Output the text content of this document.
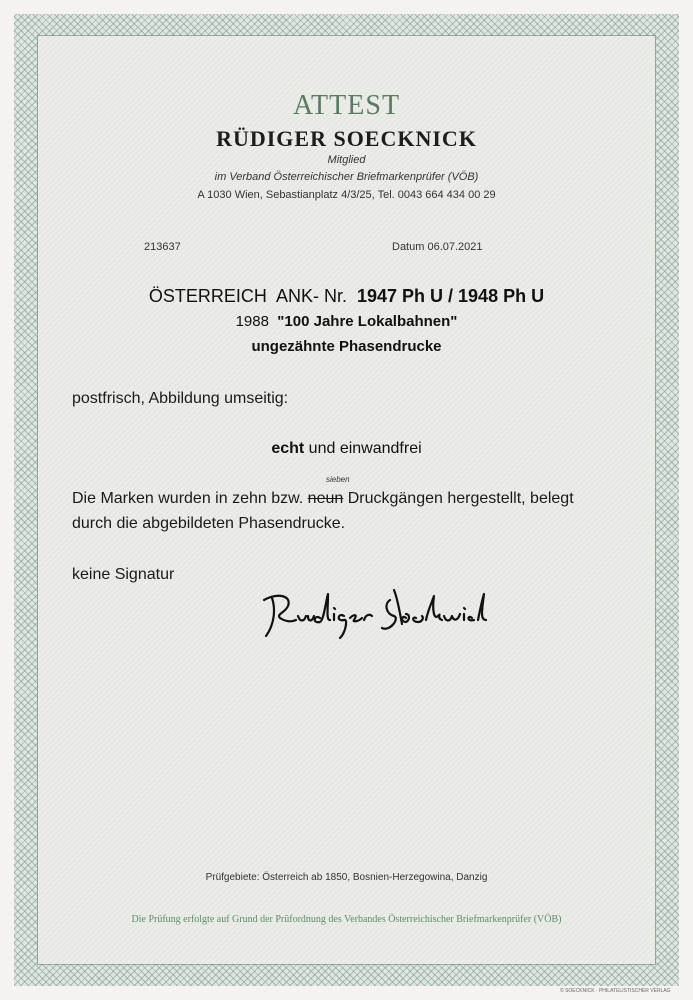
ATTEST
RÜDIGER SOECKNICK
Mitglied
im Verband Österreichischer Briefmarkenprüfer (VÖB)
A 1030 Wien, Sebastianplatz 4/3/25, Tel. 0043 664 434 00 29
213637	Datum 06.07.2021
ÖSTERREICH ANK- Nr. 1947 Ph U / 1948 Ph U
1988 "100 Jahre Lokalbahnen"
ungezähnte Phasendrucke
postfrisch, Abbildung umseitig:
echt und einwandfrei
sieben
Die Marken wurden in zehn bzw. neun Druckgängen hergestellt, belegt
durch die abgebildeten Phasendrucke.
keine Signatur
Prüfgebiete: Österreich ab 1850, Bosnien-Herzegowina, Danzig
Die Prüfung erfolgte auf Grund der Prüfordnung des Verbandes Österreichischer Briefmarkenprüfer (VÖB)
© SOECKNICK · PHILATELISTISCHER VERLAG
